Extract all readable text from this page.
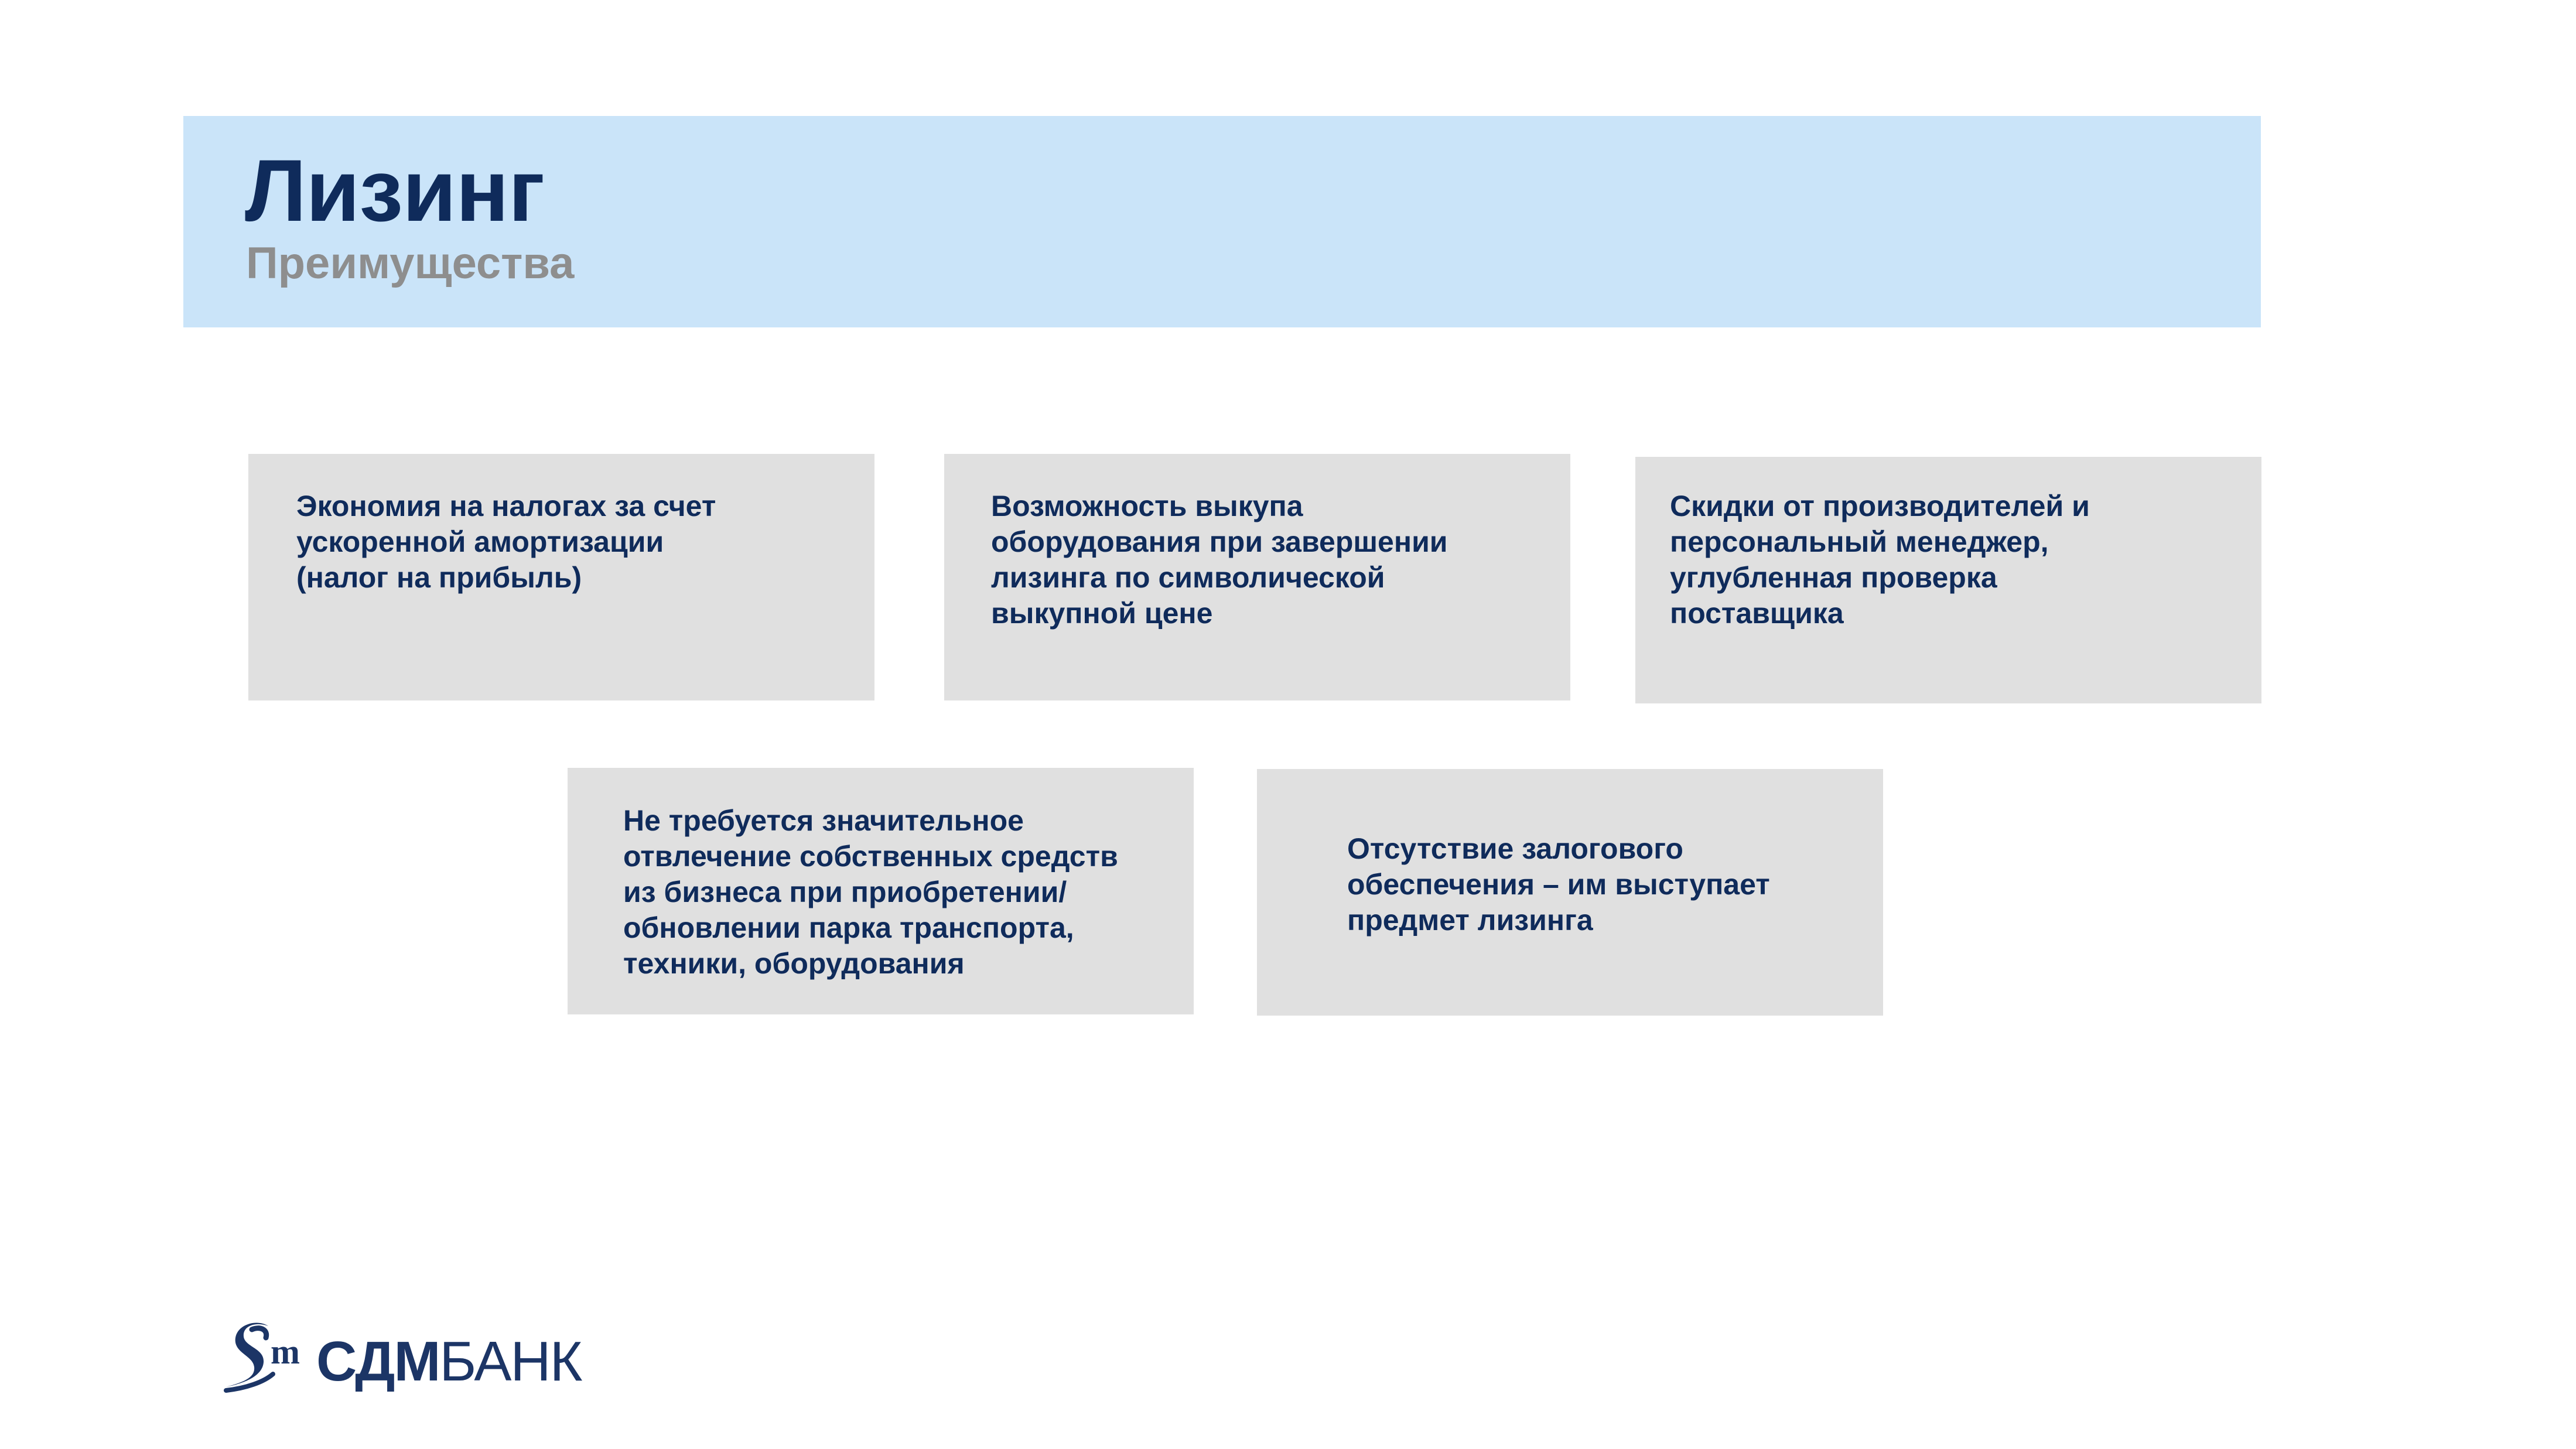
Лизинг
Преимущества

Экономия на налогах за счет
ускоренной амортизации
(налог на прибыль)

Возможность выкупа
оборудования при завершении
лизинга по символической
выкупной цене

Скидки от производителей и
персональный менеджер,
углубленная проверка
поставщика

Не требуется значительное
отвлечение собственных средств
из бизнеса при приобретении/
обновлении парка транспорта,
техники, оборудования

Отсутствие залогового
обеспечения – им выступает
предмет лизинга

m СДМБАНК
